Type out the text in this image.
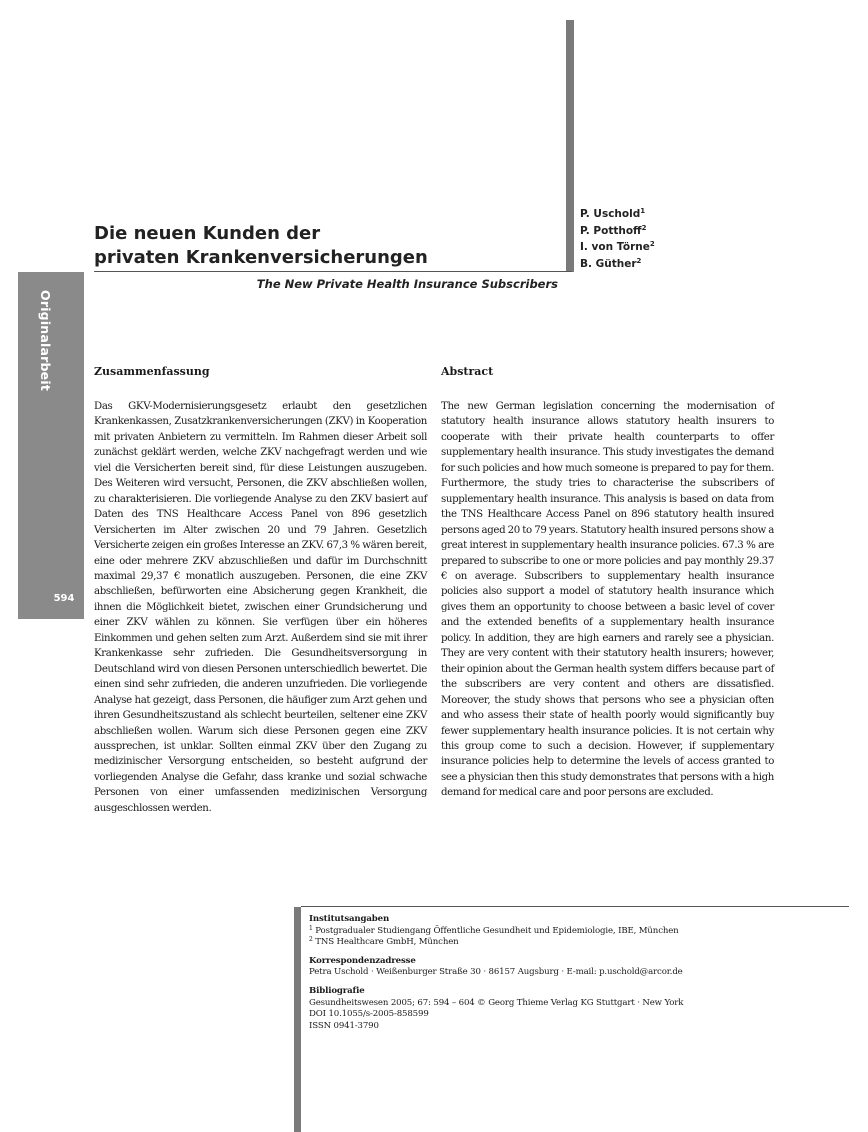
Originalarbeit
594
Die neuen Kunden der
privaten Krankenversicherungen
P. Uschold$^1$
P. Potthoff$^2$
I. von Törne$^2$
B. Güther$^2$
The New Private Health Insurance Subscribers
Zusammenfassung

Das GKV-Modernisierungsgesetz erlaubt den gesetzlichen Krankenkassen, Zusatzkrankenversicherungen (ZKV) in Kooperation mit privaten Anbietern zu vermitteln. Im Rahmen dieser Arbeit soll zunächst geklärt werden, welche ZKV nachgefragt werden und wie viel die Versicherten bereit sind, für diese Leistungen auszugeben. Des Weiteren wird versucht, Personen, die ZKV abschließen wollen, zu charakterisieren. Die vorliegende Analyse zu den ZKV basiert auf Daten des TNS Healthcare Access Panel von 896 gesetzlich Versicherten im Alter zwischen 20 und 79 Jahren. Gesetzlich Versicherte zeigen ein großes Interesse an ZKV. 67,3 % wären bereit, eine oder mehrere ZKV abzuschließen und dafür im Durchschnitt maximal 29,37 € monatlich auszugeben. Personen, die eine ZKV abschließen, befürworten eine Absicherung gegen Krankheit, die ihnen die Möglichkeit bietet, zwischen einer Grundsicherung und einer ZKV wählen zu können. Sie verfügen über ein höheres Einkommen und gehen selten zum Arzt. Außerdem sind sie mit ihrer Krankenkasse sehr zufrieden. Die Gesundheitsversorgung in Deutschland wird von diesen Personen unterschiedlich bewertet. Die einen sind sehr zufrieden, die anderen unzufrieden. Die vorliegende Analyse hat gezeigt, dass Personen, die häufiger zum Arzt gehen und ihren Gesundheitszustand als schlecht beurteilen, seltener eine ZKV abschließen wollen. Warum sich diese Personen gegen eine ZKV aussprechen, ist unklar. Sollten einmal ZKV über den Zugang zu medizinischer Versorgung entscheiden, so besteht aufgrund der vorliegenden Analyse die Gefahr, dass kranke und sozial schwache Personen von einer umfassenden medizinischen Versorgung ausgeschlossen werden.

Abstract

The new German legislation concerning the modernisation of statutory health insurance allows statutory health insurers to cooperate with their private health counterparts to offer supplementary health insurance. This study investigates the demand for such policies and how much someone is prepared to pay for them. Furthermore, the study tries to characterise the subscribers of supplementary health insurance. This analysis is based on data from the TNS Healthcare Access Panel on 896 statutory health insured persons aged 20 to 79 years. Statutory health insured persons show a great interest in supplementary health insurance policies. 67.3 % are prepared to subscribe to one or more policies and pay monthly 29.37 € on average. Subscribers to supplementary health insurance policies also support a model of statutory health insurance which gives them an opportunity to choose between a basic level of cover and the extended benefits of a supplementary health insurance policy. In addition, they are high earners and rarely see a physician. They are very content with their statutory health insurers; however, their opinion about the German health system differs because part of the subscribers are very content and others are dissatisfied. Moreover, the study shows that persons who see a physician often and who assess their state of health poorly would significantly buy fewer supplementary health insurance policies. It is not certain why this group come to such a decision. However, if supplementary insurance policies help to determine the levels of access granted to see a physician then this study demonstrates that persons with a high demand for medical care and poor persons are excluded.

Institutsangaben
$^1$ Postgradualer Studiengang Öffentliche Gesundheit und Epidemiologie, IBE, München
$^2$ TNS Healthcare GmbH, München
Korrespondenzadresse
Petra Uschold · Weißenburger Straße 30 · 86157 Augsburg · E-mail: p.uschold@arcor.de
Bibliografie
Gesundheitswesen 2005; 67: 594 – 604 © Georg Thieme Verlag KG Stuttgart · New York
DOI 10.1055/s-2005-858599
ISSN 0941-3790
